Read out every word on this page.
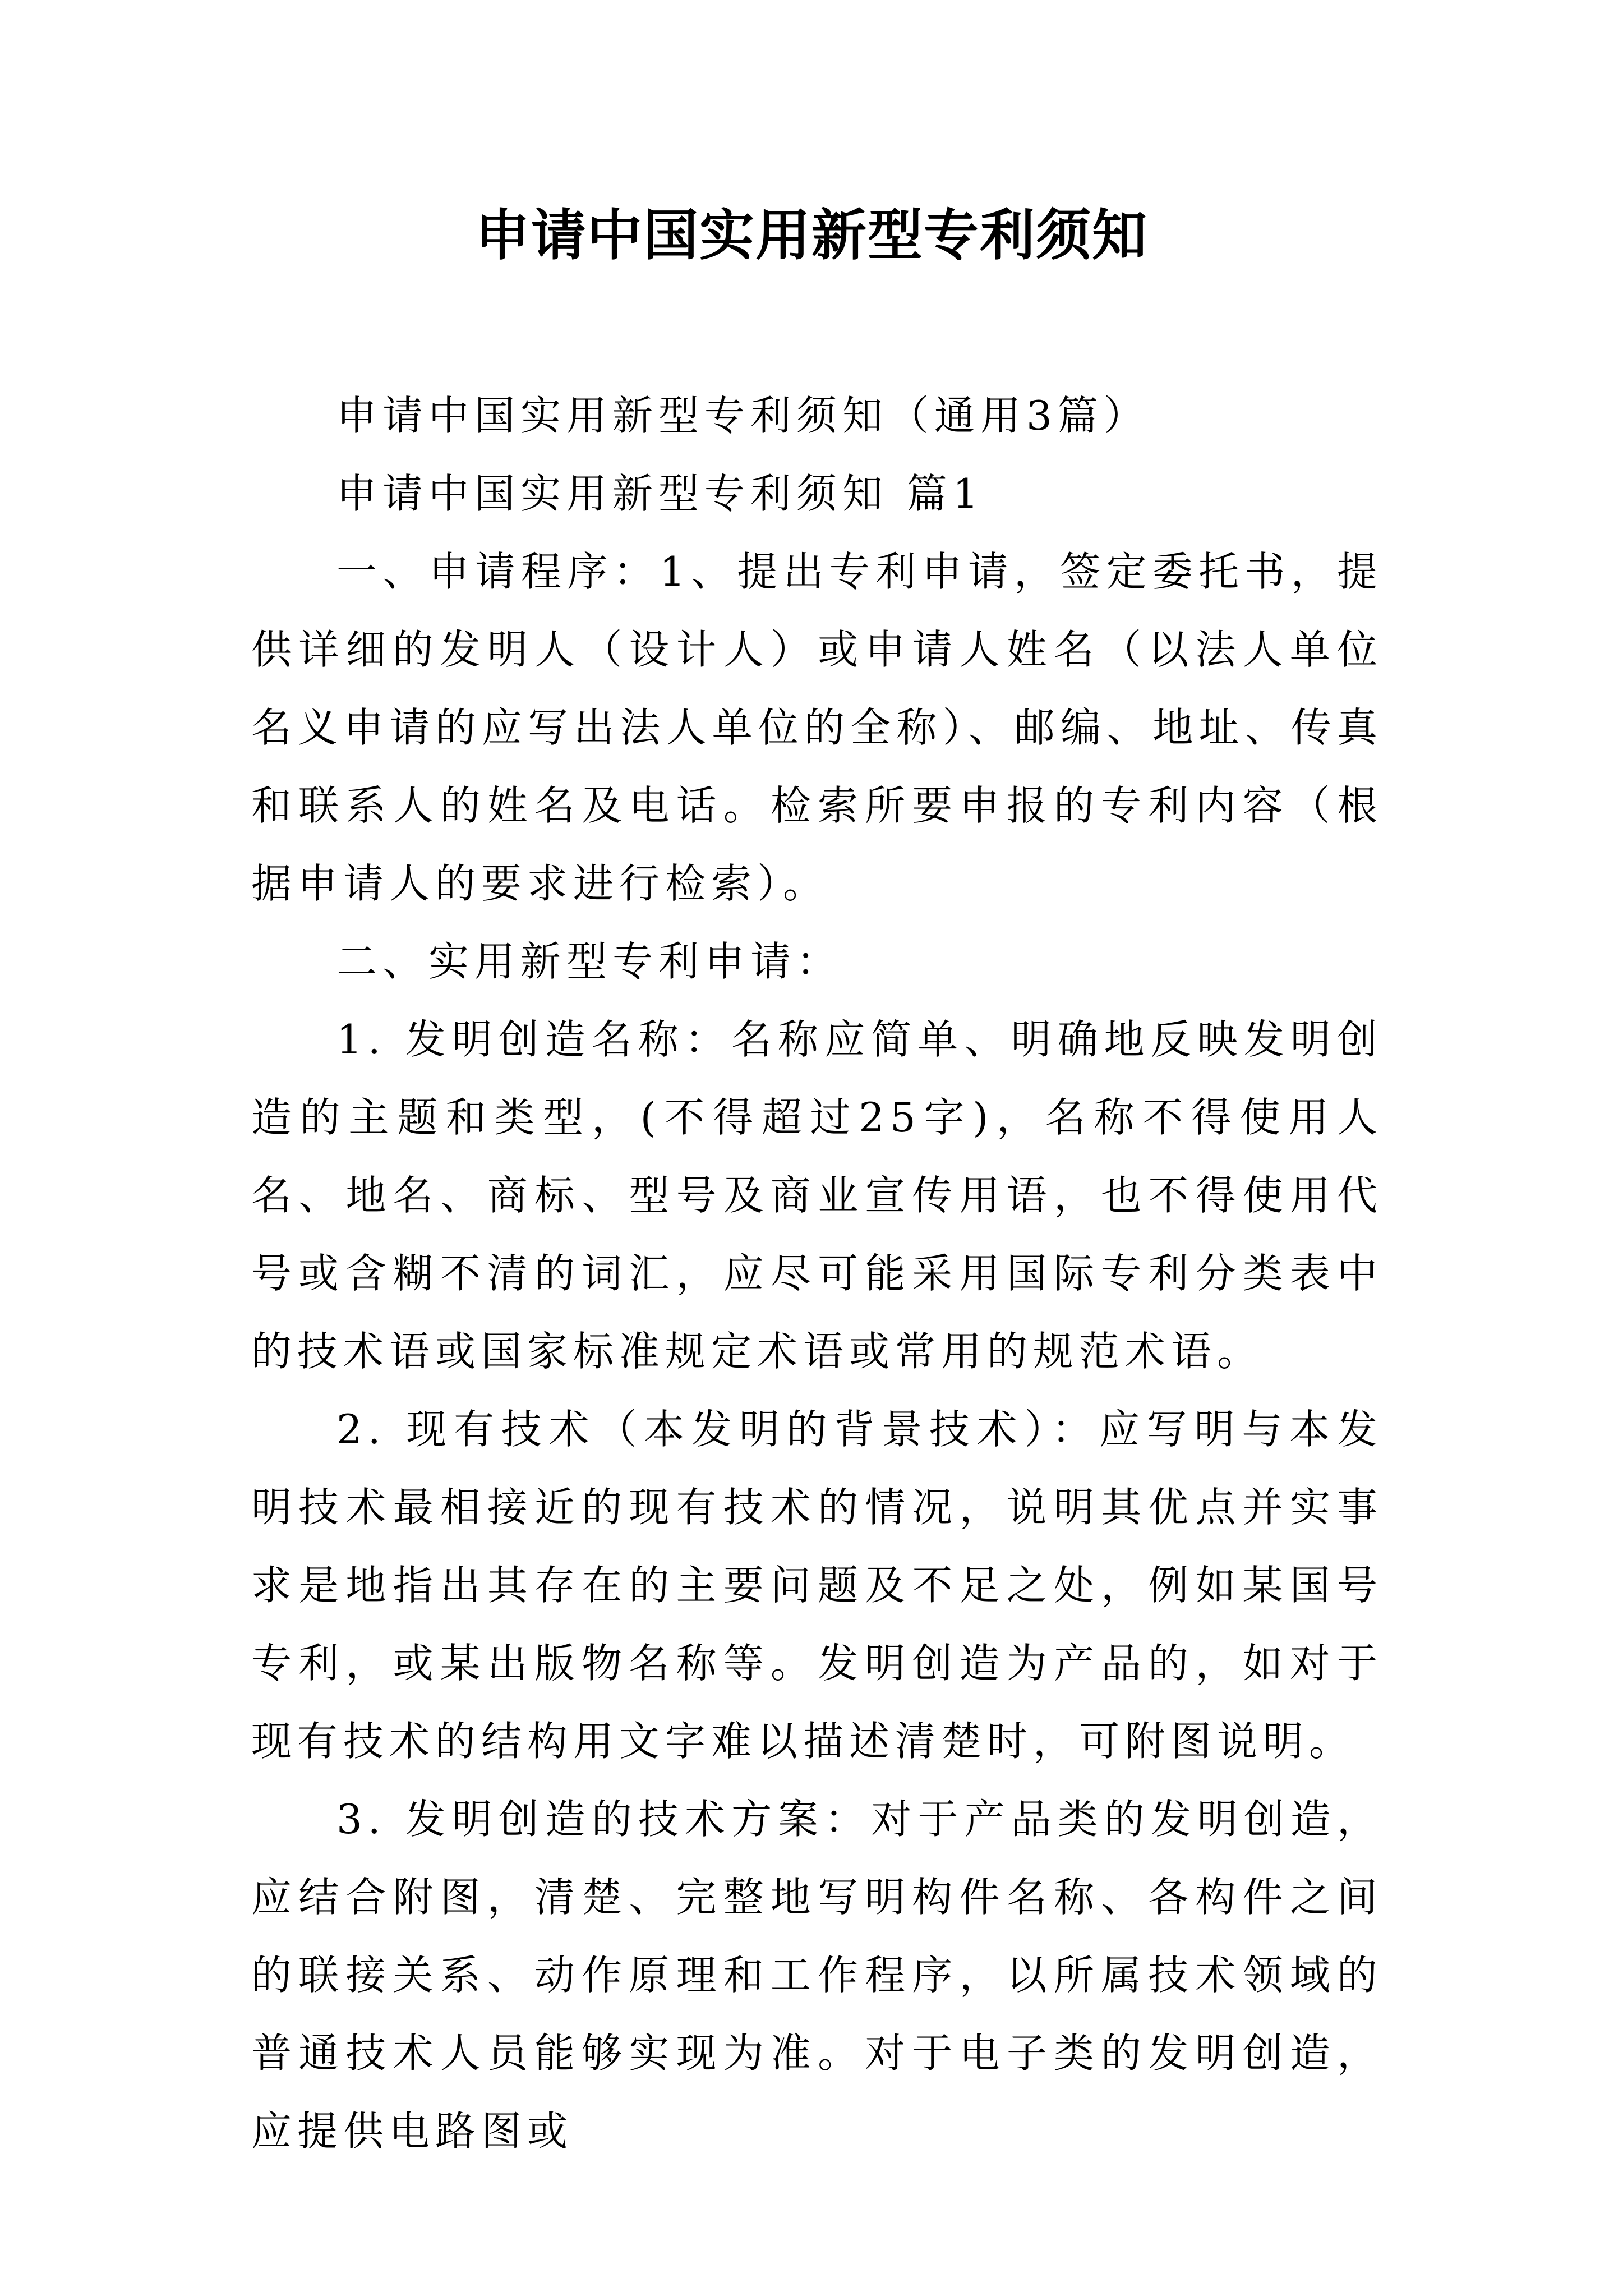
申请中国实用新型专利须知

申请中国实用新型专利须知（通用3篇）

申请中国实用新型专利须知 篇1

一、申请程序：1、提出专利申请，签定委托书，提供详细的发明人（设计人）或申请人姓名（以法人单位名义申请的应写出法人单位的全称）、邮编、地址、传真和联系人的姓名及电话。检索所要申报的专利内容（根据申请人的要求进行检索）。

二、实用新型专利申请：

1. 发明创造名称：名称应简单、明确地反映发明创造的主题和类型，(不得超过25字)，名称不得使用人名、地名、商标、型号及商业宣传用语，也不得使用代号或含糊不清的词汇，应尽可能采用国际专利分类表中的技术语或国家标准规定术语或常用的规范术语。

2. 现有技术（本发明的背景技术）：应写明与本发明技术最相接近的现有技术的情况，说明其优点并实事求是地指出其存在的主要问题及不足之处，例如某国号专利，或某出版物名称等。发明创造为产品的，如对于现有技术的结构用文字难以描述清楚时，可附图说明。

3. 发明创造的技术方案：对于产品类的发明创造，应结合附图，清楚、完整地写明构件名称、各构件之间的联接关系、动作原理和工作程序，以所属技术领域的普通技术人员能够实现为准。对于电子类的发明创造，应提供电路图或
